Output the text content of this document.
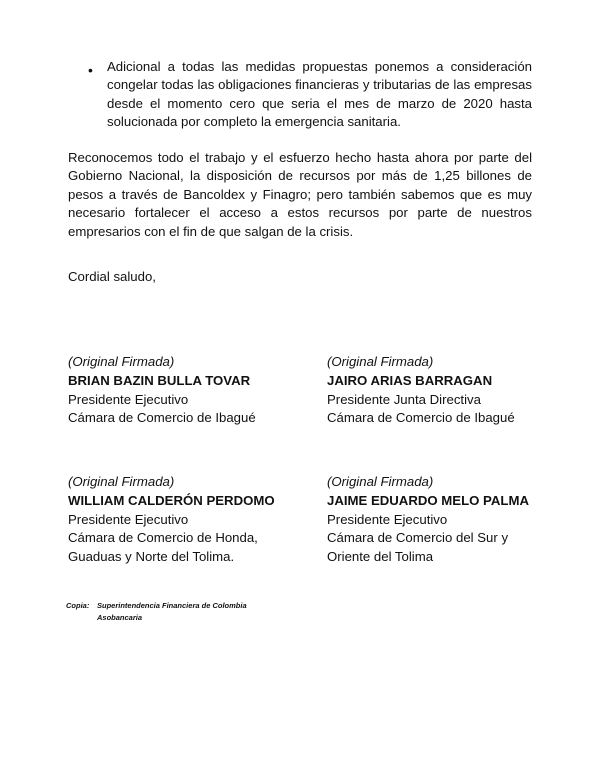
• Adicional a todas las medidas propuestas ponemos a consideración congelar todas las obligaciones financieras y tributarias de las empresas desde el momento cero que seria el mes de marzo de 2020 hasta solucionada por completo la emergencia sanitaria.
Reconocemos todo el trabajo y el esfuerzo hecho hasta ahora por parte del Gobierno Nacional, la disposición de recursos por más de 1,25 billones de pesos a través de Bancoldex y Finagro; pero también sabemos que es muy necesario fortalecer el acceso a estos recursos por parte de nuestros empresarios con el fin de que salgan de la crisis.
Cordial saludo,
(Original Firmada)
BRIAN BAZIN BULLA TOVAR
Presidente Ejecutivo
Cámara de Comercio de Ibagué
(Original Firmada)
JAIRO ARIAS BARRAGAN
Presidente Junta Directiva
Cámara de Comercio de Ibagué
(Original Firmada)
WILLIAM CALDERÓN PERDOMO
Presidente Ejecutivo
Cámara de Comercio de Honda,
Guaduas y Norte del Tolima.
(Original Firmada)
JAIME EDUARDO MELO PALMA
Presidente Ejecutivo
Cámara de Comercio del Sur y
Oriente del Tolima
Copia: Superintendencia Financiera de Colombia
Asobancaria
